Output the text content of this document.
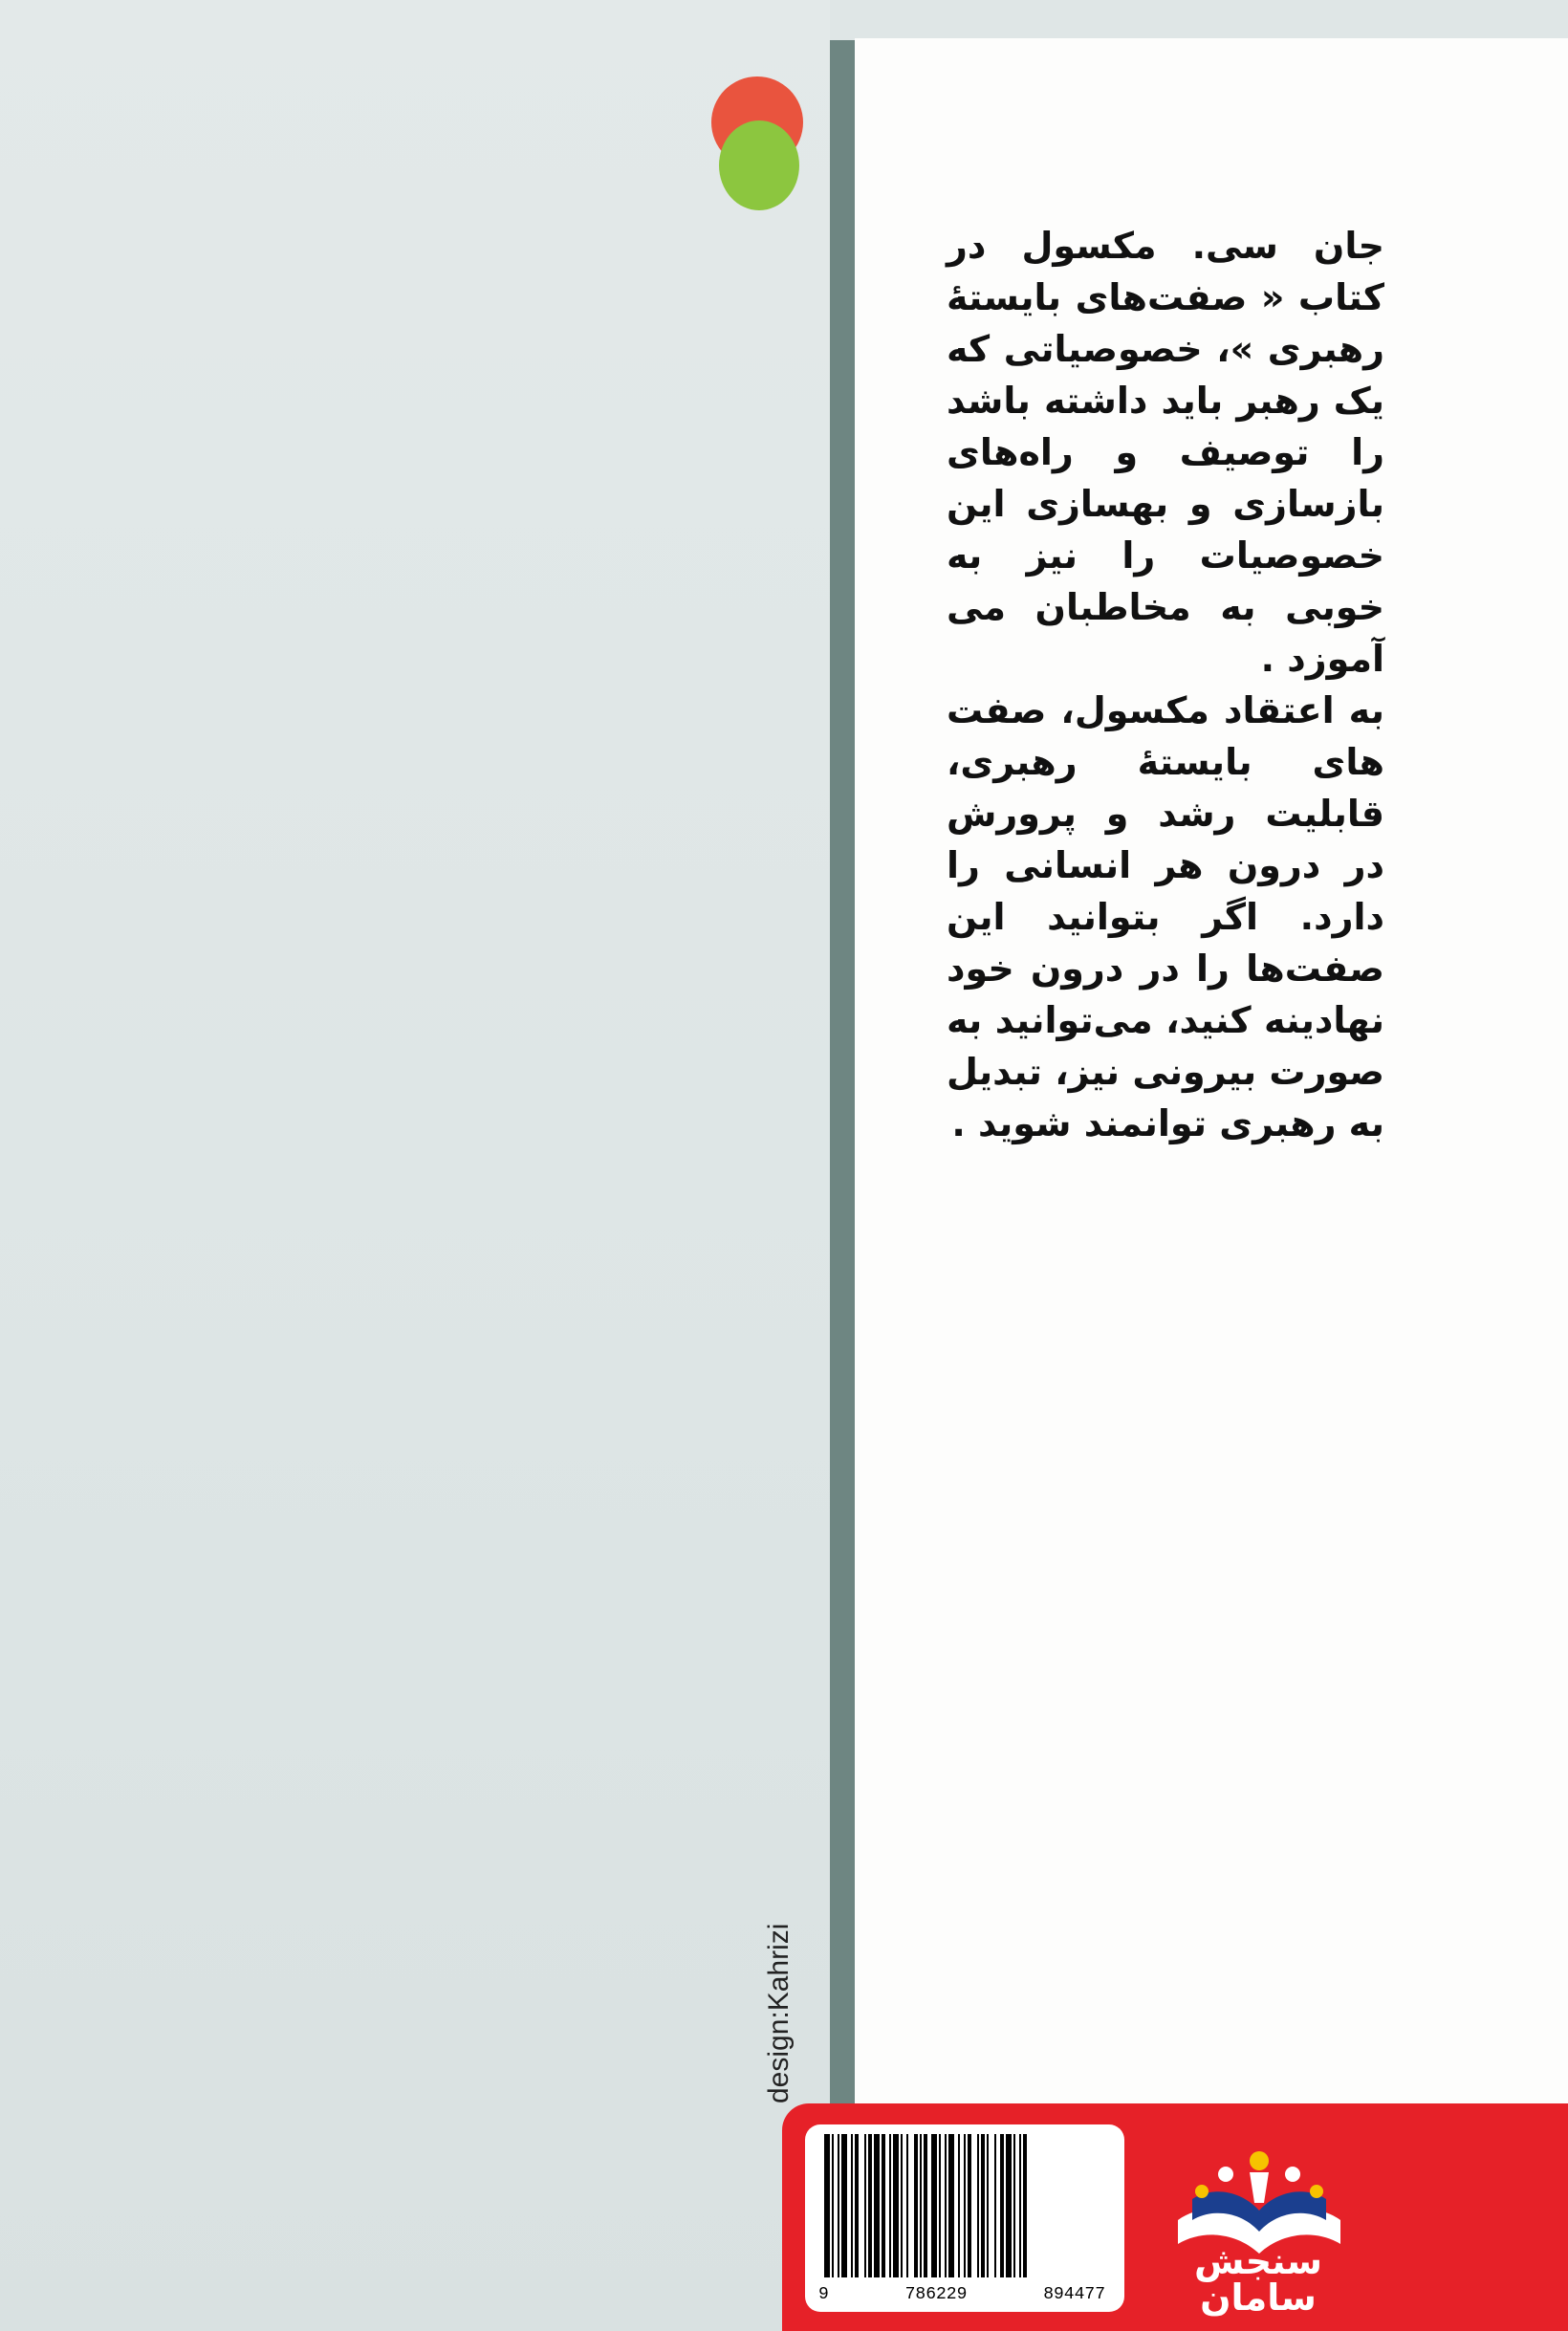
جان سی. مکسول در کتاب « صفت‌های بایستهٔ رهبری »، خصوصیاتی که یک رهبر باید داشته باشد را توصیف و راه‌های بازسازی و بهسازی این خصوصیات را نیز به خوبی به مخاطبان می آموزد .

به اعتقاد مکسول، صفت های بایستهٔ رهبری، قابلیت رشد و پرورش در درون هر انسانی را دارد. اگر بتوانید این صفت‌ها را در درون خود نهادینه کنید، می‌توانید به صورت بیرونی نیز، تبدیل به رهبری توانمند شوید .

design:Kahrizi
9	786229	894477
سنجش
سامان
